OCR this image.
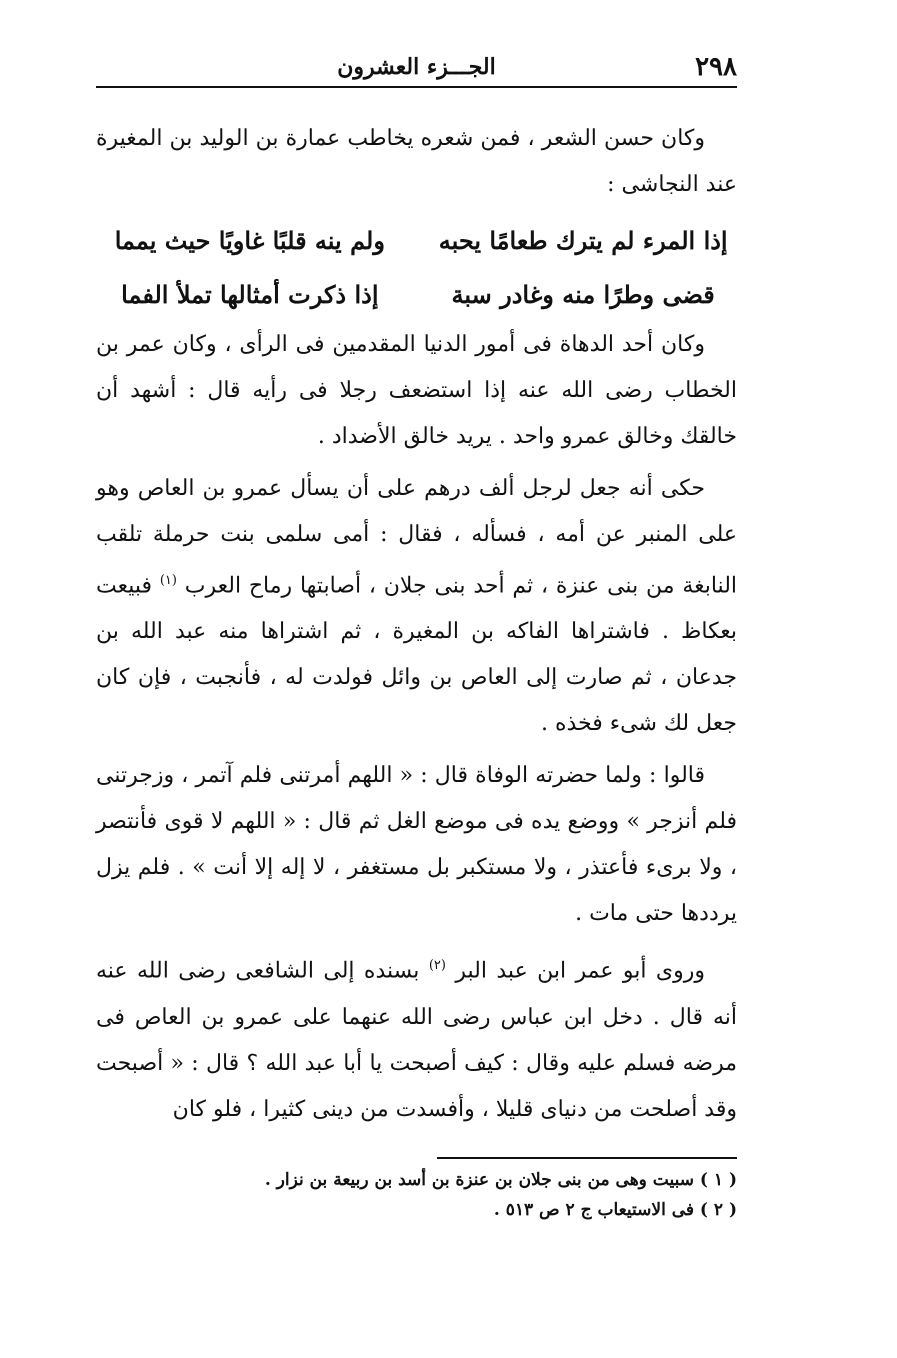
٢٩٨
الجـــزء العشرون

وكان حسن الشعر ، فمن شعره يخاطب عمارة بن الوليد بن المغيرة عند النجاشى :

إذا المرء لم يترك طعامًا يحبه
ولم ينه قلبًا غاويًا حيث يمما
قضى وطرًا منه وغادر سبة
إذا ذكرت أمثالها تملأ الفما

وكان أحد الدهاة فى أمور الدنيا المقدمين فى الرأى ، وكان عمر بن الخطاب رضى الله عنه إذا استضعف رجلا فى رأيه قال : أشهد أن خالقك وخالق عمرو واحد . يريد خالق الأضداد .

حكى أنه جعل لرجل ألف درهم على أن يسأل عمرو بن العاص وهو على المنبر عن أمه ، فسأله ، فقال : أمى سلمى بنت حرملة تلقب النابغة من بنى عنزة ، ثم أحد بنى جلان ، أصابتها رماح العرب $^{(١)}$ فبيعت بعكاظ . فاشتراها الفاكه بن المغيرة ، ثم اشتراها منه عبد الله بن جدعان ، ثم صارت إلى العاص بن وائل فولدت له ، فأنجبت ، فإن كان جعل لك شىء فخذه .

قالوا : ولما حضرته الوفاة قال : « اللهم أمرتنى فلم آتمر ، وزجرتنى فلم أنزجر » ووضع يده فى موضع الغل ثم قال : « اللهم لا قوى فأنتصر ، ولا برىء فأعتذر ، ولا مستكبر بل مستغفر ، لا إله إلا أنت » . فلم يزل يرددها حتى مات .

وروى أبو عمر ابن عبد البر $^{(٢)}$ بسنده إلى الشافعى رضى الله عنه أنه قال . دخل ابن عباس رضى الله عنهما على عمرو بن العاص فى مرضه فسلم عليه وقال : كيف أصبحت يا أبا عبد الله ؟ قال : « أصبحت وقد أصلحت من دنياى قليلا ، وأفسدت من دينى كثيرا ، فلو كان

( ١ ) سبيت وهى من بنى جلان بن عنزة بن أسد بن ربيعة بن نزار .
( ٢ ) فى الاستيعاب ج ٢ ص ٥١٣ .
